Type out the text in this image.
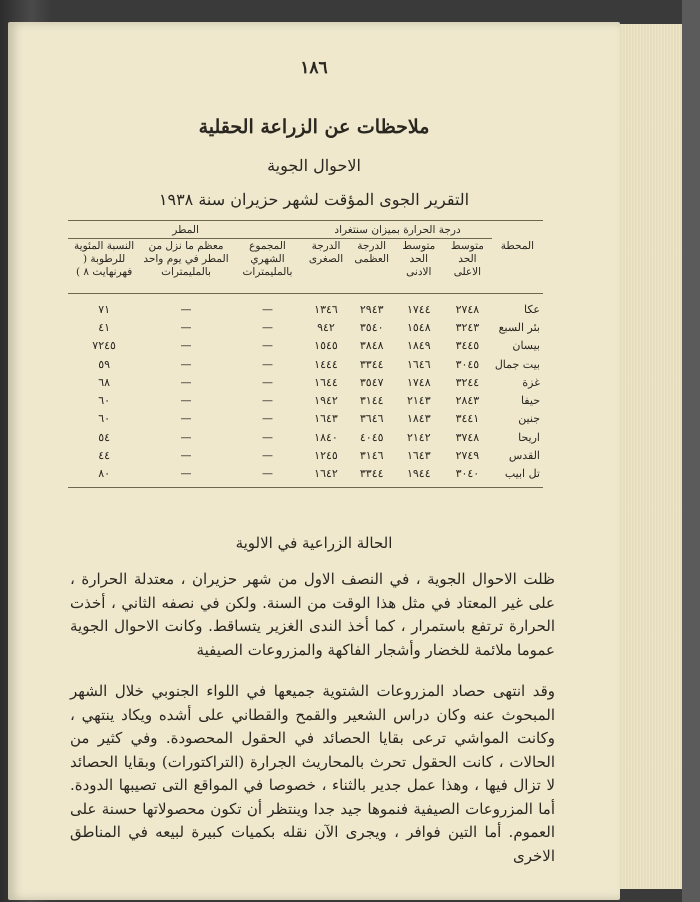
١٨٦
ملاحظات عن الزراعة الحقلية
الاحوال الجوية
التقرير الجوى المؤقت لشهر حزيران سنة ١٩٣٨
	درجة الحرارة بميزان سنتغراد				المطر		
المحطة	متوسط الحد الاعلى	متوسط الحد الادنى	الدرجة العظمى	الدرجة الصغرى	المجموع الشهري بالمليمترات	معظم ما نزل من المطر في يوم واحد بالمليمترات	النسبة المئوية للرطوبة ( فهرنهايت ٨ )
عكا	٢٧٤٨	١٧٤٤	٢٩٤٣	١٣٤٦	—	—	٧١
بئر السبع	٣٢٤٣	١٥٤٨	٣٥٤٠	٩٤٢	—	—	٤١
بيسان	٣٤٤٥	١٨٤٩	٣٨٤٨	١٥٤٥	—	—	٧٢٤٥
بيت جمال	٣٠٤٥	١٦٤٦	٣٣٤٤	١٤٤٤	—	—	٥٩
غزة	٣٢٤٤	١٧٤٨	٣٥٤٧	١٦٤٤	—	—	٦٨
حيفا	٢٨٤٣	٢١٤٣	٣١٤٤	١٩٤٢	—	—	٦٠
جنين	٣٤٤١	١٨٤٣	٣٦٤٦	١٦٤٣	—	—	٦٠
اريحا	٣٧٤٨	٢١٤٢	٤٠٤٥	١٨٤٠	—	—	٥٤
القدس	٢٧٤٩	١٦٤٣	٣١٤٦	١٢٤٥	—	—	٤٤
تل ابيب	٣٠٤٠	١٩٤٤	٣٣٤٤	١٦٤٢	—	—	٨٠
الحالة الزراعية في الالوية

ظلت الاحوال الجوية ، في النصف الاول من شهر حزيران ، معتدلة الحرارة ، على غير المعتاد في مثل هذا الوقت من السنة. ولكن في نصفه الثاني ، أخذت الحرارة ترتفع باستمرار ، كما أخذ الندى الغزير يتساقط. وكانت الاحوال الجوية عموما ملائمة للخضار وأشجار الفاكهة والمزروعات الصيفية

وقد انتهى حصاد المزروعات الشتوية جميعها في اللواء الجنوبي خلال الشهر المبحوث عنه وكان دراس الشعير والقمح والقطاني على أشده ويكاد ينتهي ، وكانت المواشي ترعى بقايا الحصائد في الحقول المحصودة. وفي كثير من الحالات ، كانت الحقول تحرث بالمحاريث الجرارة (التراكتورات) وبقايا الحصائد لا تزال فيها ، وهذا عمل جدير بالثناء ، خصوصا في المواقع التى تصيبها الدودة. أما المزروعات الصيفية فنموها جيد جدا وينتظر أن تكون محصولاتها حسنة على العموم. أما التين فوافر ، ويجرى الآن نقله بكميات كبيرة لبيعه في المناطق الاخرى
